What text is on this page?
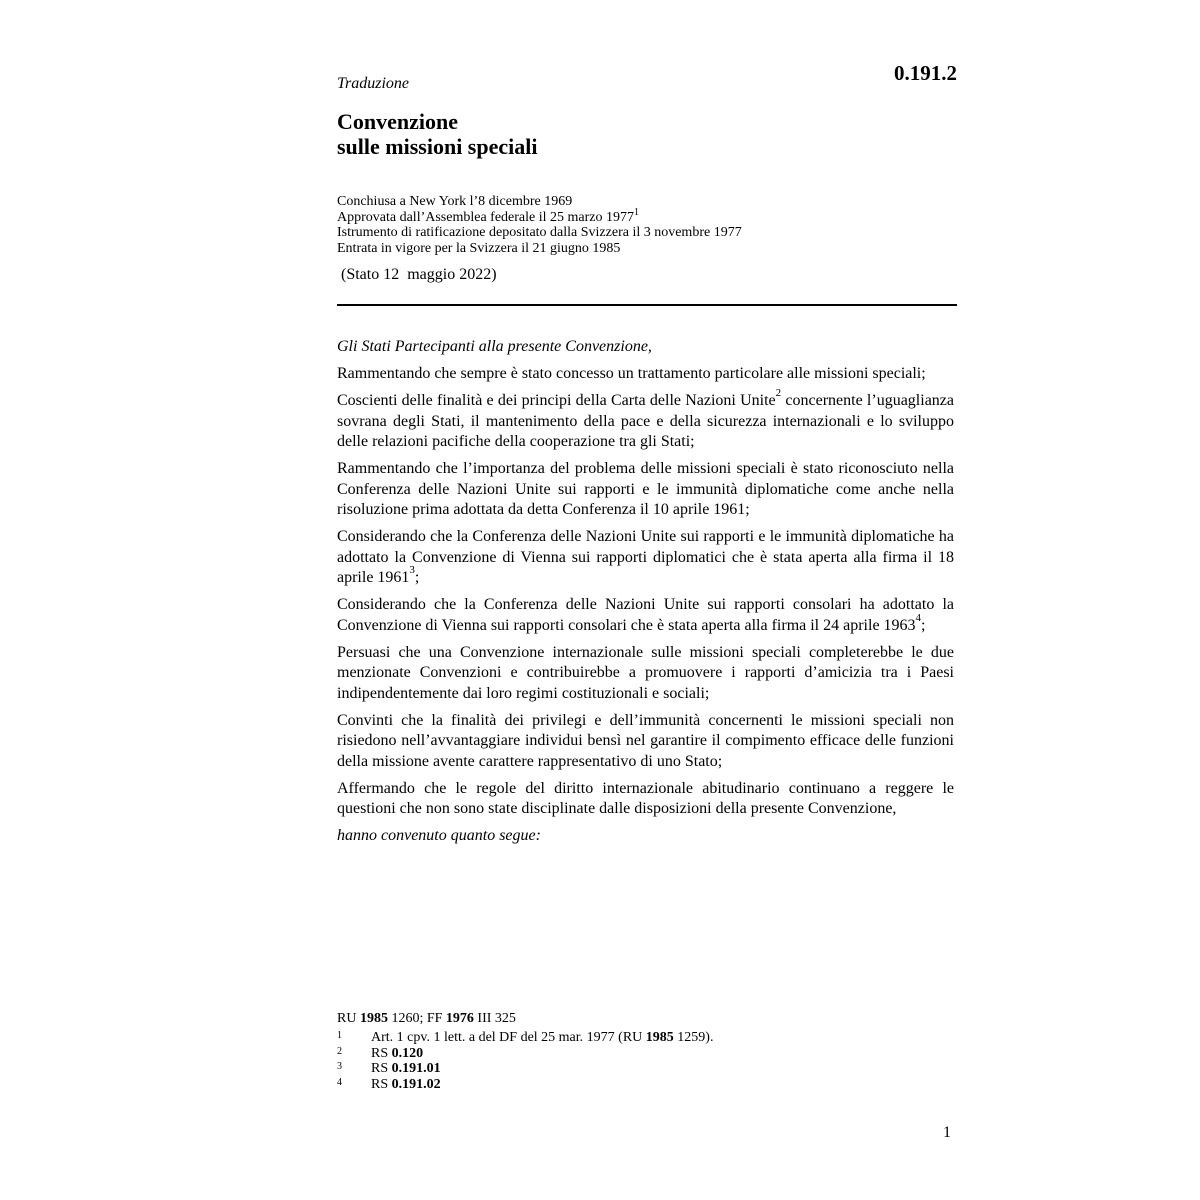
0.191.2
Traduzione
Convenzione
sulle missioni speciali
Conchiusa a New York l’8 dicembre 1969
Approvata dall’Assemblea federale il 25 marzo 1977$^1$
Istrumento di ratificazione depositato dalla Svizzera il 3 novembre 1977
Entrata in vigore per la Svizzera il 21 giugno 1985
(Stato 12  maggio 2022)

Gli Stati Partecipanti alla presente Convenzione,

Rammentando che sempre è stato concesso un trattamento particolare alle missioni speciali;

Coscienti delle finalità e dei principi della Carta delle Nazioni Unite$^2$ concernente l’uguaglianza sovrana degli Stati, il mantenimento della pace e della sicurezza internazionali e lo sviluppo delle relazioni pacifiche della cooperazione tra gli Stati;

Rammentando che l’importanza del problema delle missioni speciali è stato riconosciuto nella Conferenza delle Nazioni Unite sui rapporti e le immunità diplomatiche come anche nella risoluzione prima adottata da detta Conferenza il 10 aprile 1961;

Considerando che la Conferenza delle Nazioni Unite sui rapporti e le immunità diplomatiche ha adottato la Convenzione di Vienna sui rapporti diplomatici che è stata aperta alla firma il 18 aprile 1961$^3$;

Considerando che la Conferenza delle Nazioni Unite sui rapporti consolari ha adottato la Convenzione di Vienna sui rapporti consolari che è stata aperta alla firma il 24 aprile 1963$^4$;

Persuasi che una Convenzione internazionale sulle missioni speciali completerebbe le due menzionate Convenzioni e contribuirebbe a promuovere i rapporti d’amicizia tra i Paesi indipendentemente dai loro regimi costituzionali e sociali;

Convinti che la finalità dei privilegi e dell’immunità concernenti le missioni speciali non risiedono nell’avvantaggiare individui bensì nel garantire il compimento efficace delle funzioni della missione avente carattere rappresentativo di uno Stato;

Affermando che le regole del diritto internazionale abitudinario continuano a reggere le questioni che non sono state disciplinate dalle disposizioni della presente Convenzione,

hanno convenuto quanto segue:

RU 1985 1260; FF 1976 III 325
1	Art. 1 cpv. 1 lett. a del DF del 25 mar. 1977 (RU 1985 1259).
2	RS 0.120
3	RS 0.191.01
4	RS 0.191.02
1
